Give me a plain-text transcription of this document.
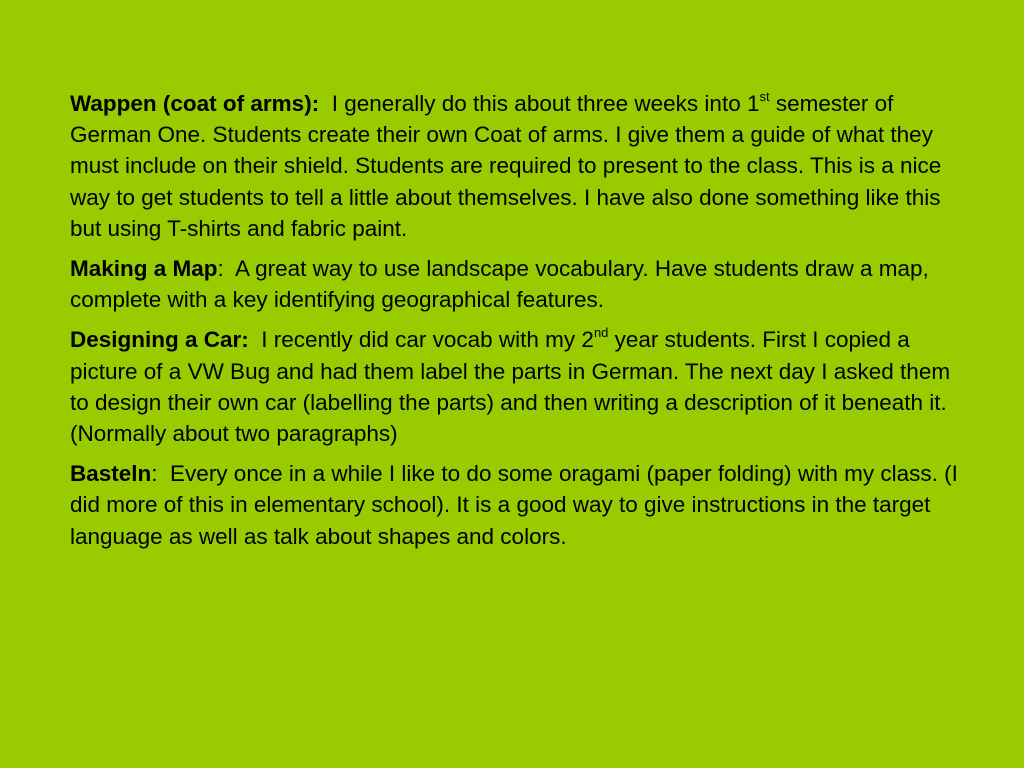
Wappen (coat of arms): I generally do this about three weeks into 1st semester of German One. Students create their own Coat of arms. I give them a guide of what they must include on their shield. Students are required to present to the class. This is a nice way to get students to tell a little about themselves. I have also done something like this but using T-shirts and fabric paint.

Making a Map:  A great way to use landscape vocabulary. Have students draw a map, complete with a key identifying geographical features.

Designing a Car: I recently did car vocab with my 2nd year students. First I copied a picture of a VW Bug and had them label the parts in German. The next day I asked them to design their own car (labelling the parts) and then writing a description of it beneath it. (Normally about two paragraphs)

Basteln:  Every once in a while I like to do some oragami (paper folding) with my class. (I did more of this in elementary school). It is a good way to give instructions in the target language as well as talk about shapes and colors.
